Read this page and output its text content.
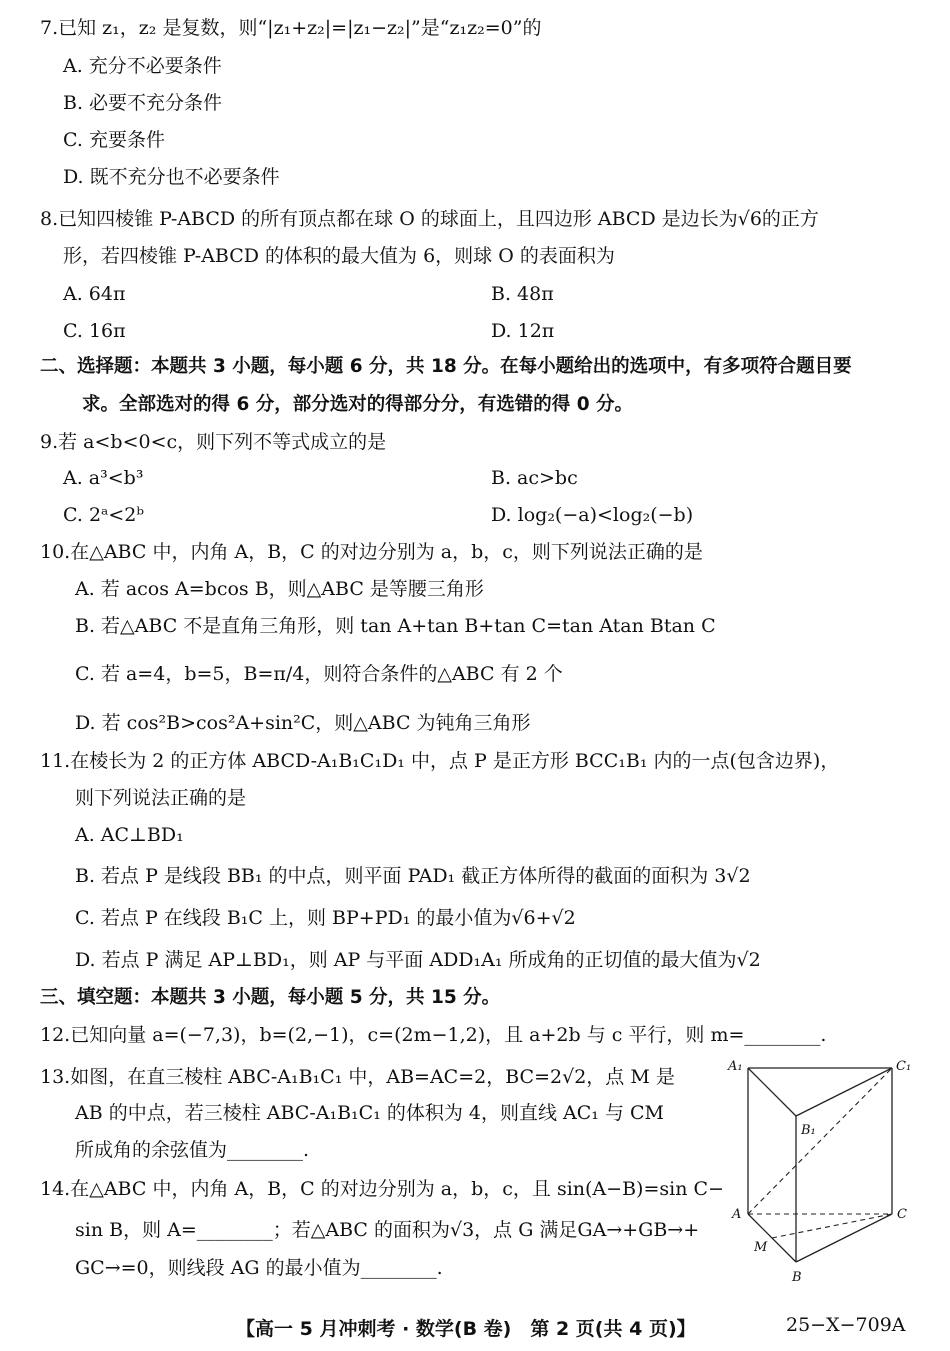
7.已知 z₁，z₂ 是复数，则“|z₁+z₂|=|z₁−z₂|”是“z₁z₂=0”的
A. 充分不必要条件
B. 必要不充分条件
C. 充要条件
D. 既不充分也不必要条件
8.已知四棱锥 P-ABCD 的所有顶点都在球 O 的球面上，且四边形 ABCD 是边长为√6的正方
形，若四棱锥 P-ABCD 的体积的最大值为 6，则球 O 的表面积为
A. 64π	B. 48π
C. 16π	D. 12π
二、选择题：本题共 3 小题，每小题 6 分，共 18 分。在每小题给出的选项中，有多项符合题目要
求。全部选对的得 6 分，部分选对的得部分分，有选错的得 0 分。
9.若 a<b<0<c，则下列不等式成立的是
A. a³<b³	B. ac>bc
C. 2ᵃ<2ᵇ	D. log₂(−a)<log₂(−b)
10.在△ABC 中，内角 A，B，C 的对边分别为 a，b，c，则下列说法正确的是
A. 若 acos A=bcos B，则△ABC 是等腰三角形
B. 若△ABC 不是直角三角形，则 tan A+tan B+tan C=tan Atan Btan C
C. 若 a=4，b=5，B=π/4，则符合条件的△ABC 有 2 个
D. 若 cos²B>cos²A+sin²C，则△ABC 为钝角三角形
11.在棱长为 2 的正方体 ABCD-A₁B₁C₁D₁ 中，点 P 是正方形 BCC₁B₁ 内的一点(包含边界)，
则下列说法正确的是
A. AC⊥BD₁
B. 若点 P 是线段 BB₁ 的中点，则平面 PAD₁ 截正方体所得的截面的面积为 3√2
C. 若点 P 在线段 B₁C 上，则 BP+PD₁ 的最小值为√6+√2
D. 若点 P 满足 AP⊥BD₁，则 AP 与平面 ADD₁A₁ 所成角的正切值的最大值为√2
三、填空题：本题共 3 小题，每小题 5 分，共 15 分。
12.已知向量 a=(−7,3)，b=(2,−1)，c=(2m−1,2)，且 a+2b 与 c 平行，则 m=________.
13.如图，在直三棱柱 ABC-A₁B₁C₁ 中，AB=AC=2，BC=2√2，点 M 是
AB 的中点，若三棱柱 ABC-A₁B₁C₁ 的体积为 4，则直线 AC₁ 与 CM
所成角的余弦值为________.
14.在△ABC 中，内角 A，B，C 的对边分别为 a，b，c，且 sin(A−B)=sin C−
sin B，则 A=________；若△ABC 的面积为√3，点 G 满足GA→+GB→+
GC→=0，则线段 AG 的最小值为________.
A₁	C₁
B₁
A	C
M
B
【高一 5 月冲刺考 · 数学(B 卷)　第 2 页(共 4 页)】	25−X−709A
